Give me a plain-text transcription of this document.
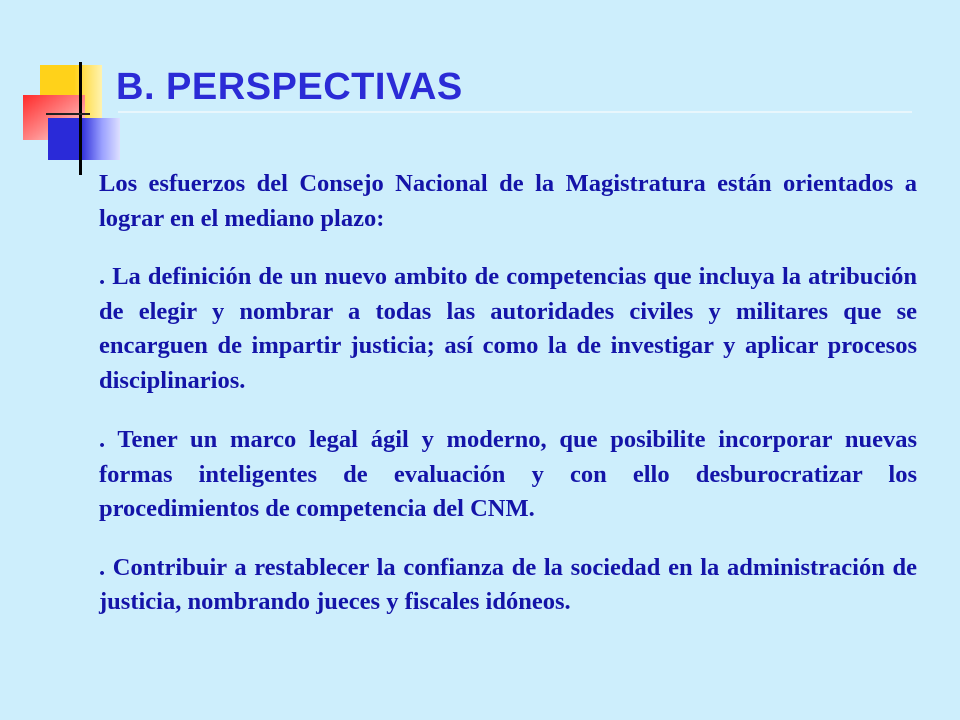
B. PERSPECTIVAS

Los esfuerzos del Consejo Nacional de la Magistratura están orientados a lograr en el mediano plazo:

. La definición de un nuevo ambito de competencias que incluya la atribución de elegir y nombrar a todas las autoridades civiles y militares que se encarguen de impartir justicia; así como la de investigar y aplicar procesos disciplinarios.

. Tener un marco legal ágil y moderno, que posibilite incorporar nuevas formas inteligentes de evaluación y con ello desburocratizar los procedimientos de competencia del CNM.

. Contribuir a restablecer la confianza de la sociedad en la administración de justicia, nombrando jueces y fiscales idóneos.
